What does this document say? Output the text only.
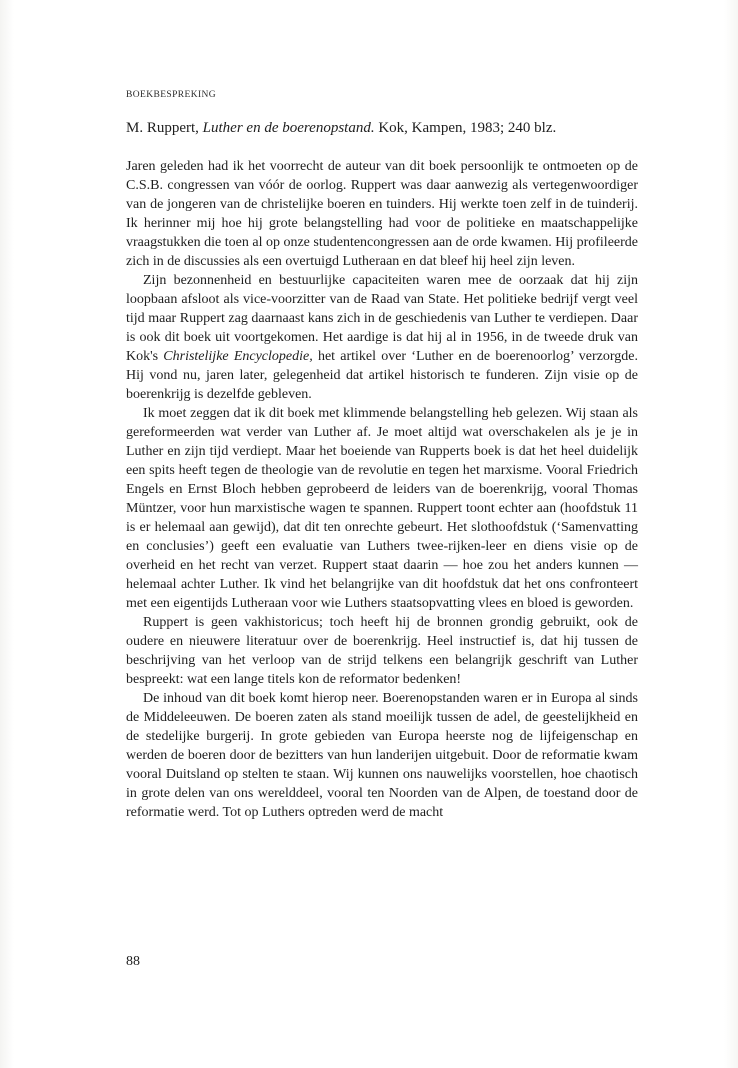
BOEKBESPREKING
M. Ruppert, Luther en de boerenopstand. Kok, Kampen, 1983; 240 blz.

Jaren geleden had ik het voorrecht de auteur van dit boek persoonlijk te ontmoeten op de C.S.B. congressen van vóór de oorlog. Ruppert was daar aanwezig als vertegenwoordiger van de jongeren van de christelijke boeren en tuinders. Hij werkte toen zelf in de tuinderij. Ik herinner mij hoe hij grote belangstelling had voor de politieke en maatschappelijke vraagstukken die toen al op onze studentencongressen aan de orde kwamen. Hij profileerde zich in de discussies als een overtuigd Lutheraan en dat bleef hij heel zijn leven.

Zijn bezonnenheid en bestuurlijke capaciteiten waren mee de oorzaak dat hij zijn loopbaan afsloot als vice-voorzitter van de Raad van State. Het politieke bedrijf vergt veel tijd maar Ruppert zag daarnaast kans zich in de geschiedenis van Luther te verdiepen. Daar is ook dit boek uit voortgekomen. Het aardige is dat hij al in 1956, in de tweede druk van Kok's Christelijke Encyclopedie, het artikel over ‘Luther en de boerenoorlog’ verzorgde. Hij vond nu, jaren later, gelegenheid dat artikel historisch te funderen. Zijn visie op de boerenkrijg is dezelfde gebleven.

Ik moet zeggen dat ik dit boek met klimmende belangstelling heb gelezen. Wij staan als gereformeerden wat verder van Luther af. Je moet altijd wat overschakelen als je je in Luther en zijn tijd verdiept. Maar het boeiende van Rupperts boek is dat het heel duidelijk een spits heeft tegen de theologie van de revolutie en tegen het marxisme. Vooral Friedrich Engels en Ernst Bloch hebben geprobeerd de leiders van de boerenkrijg, vooral Thomas Müntzer, voor hun marxistische wagen te spannen. Ruppert toont echter aan (hoofdstuk 11 is er helemaal aan gewijd), dat dit ten onrechte gebeurt. Het slothoofdstuk (‘Samenvatting en conclusies’) geeft een evaluatie van Luthers twee-rijken-leer en diens visie op de overheid en het recht van verzet. Ruppert staat daarin — hoe zou het anders kunnen — helemaal achter Luther. Ik vind het belangrijke van dit hoofdstuk dat het ons confronteert met een eigentijds Lutheraan voor wie Luthers staatsopvatting vlees en bloed is geworden.

Ruppert is geen vakhistoricus; toch heeft hij de bronnen grondig gebruikt, ook de oudere en nieuwere literatuur over de boerenkrijg. Heel instructief is, dat hij tussen de beschrijving van het verloop van de strijd telkens een belangrijk geschrift van Luther bespreekt: wat een lange titels kon de reformator bedenken!

De inhoud van dit boek komt hierop neer. Boerenopstanden waren er in Europa al sinds de Middeleeuwen. De boeren zaten als stand moeilijk tussen de adel, de geestelijkheid en de stedelijke burgerij. In grote gebieden van Europa heerste nog de lijfeigenschap en werden de boeren door de bezitters van hun landerijen uitgebuit. Door de reformatie kwam vooral Duitsland op stelten te staan. Wij kunnen ons nauwelijks voorstellen, hoe chaotisch in grote delen van ons werelddeel, vooral ten Noorden van de Alpen, de toestand door de reformatie werd. Tot op Luthers optreden werd de macht

88
